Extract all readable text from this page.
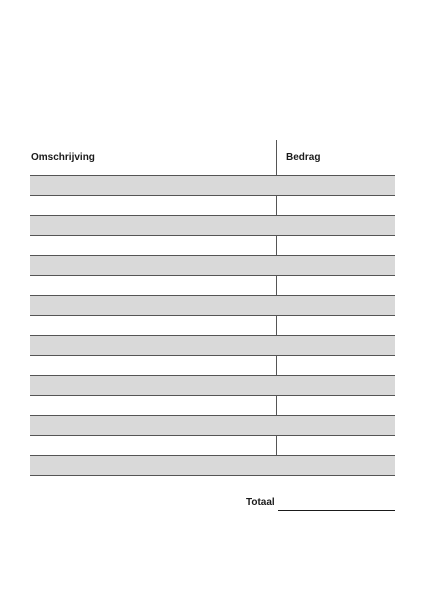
Omschrijving	Bedrag
Totaal
